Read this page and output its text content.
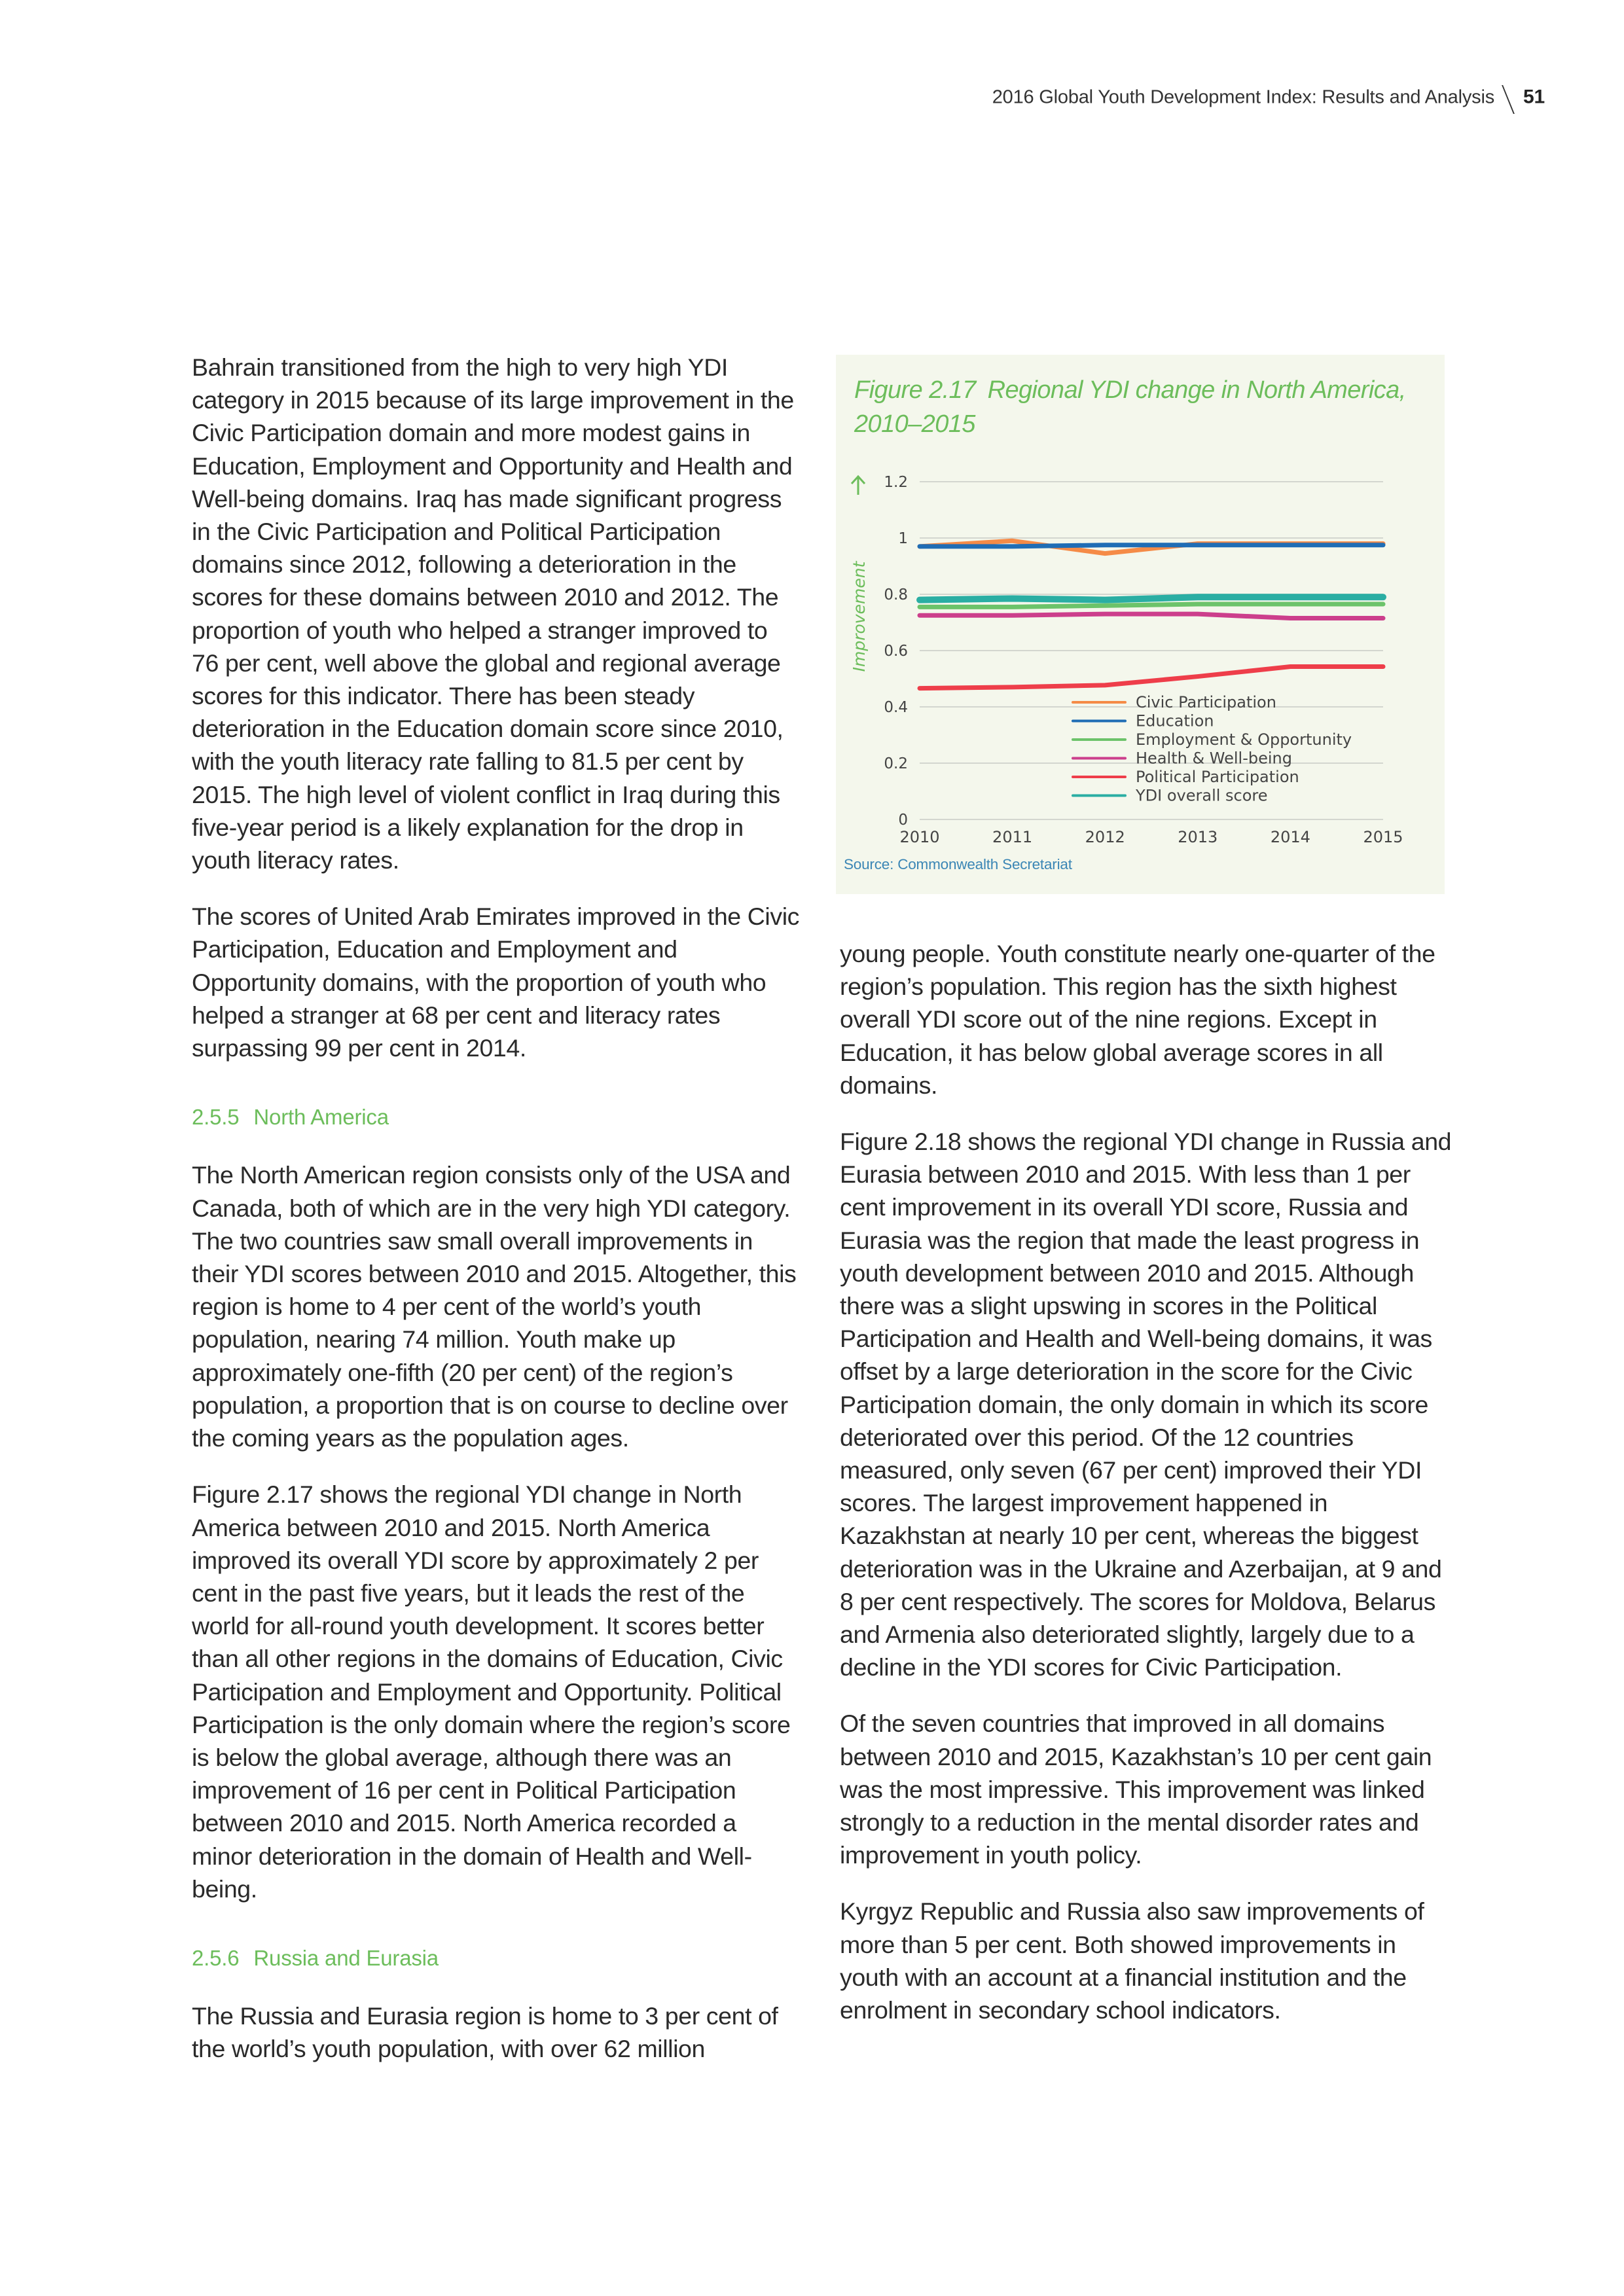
2016 Global Youth Development Index: Results and Analysis 51

Bahrain transitioned from the high to very high YDI category in 2015 because of its large improvement in the Civic Participation domain and more modest gains in Education, Employment and Opportunity and Health and Well-being domains. Iraq has made significant progress in the Civic Participation and Political Participation domains since 2012, following a deterioration in the scores for these domains between 2010 and 2012. The proportion of youth who helped a stranger improved to 76 per cent, well above the global and regional average scores for this indicator. There has been steady deterioration in the Education domain score since 2010, with the youth literacy rate falling to 81.5 per cent by 2015. The high level of violent conflict in Iraq during this five-year period is a likely explanation for the drop in youth literacy rates.

The scores of United Arab Emirates improved in the Civic Participation, Education and Employment and Opportunity domains, with the proportion of youth who helped a stranger at 68 per cent and literacy rates surpassing 99 per cent in 2014.

2.5.5 North America

The North American region consists only of the USA and Canada, both of which are in the very high YDI category. The two countries saw small overall improvements in their YDI scores between 2010 and 2015. Altogether, this region is home to 4 per cent of the world’s youth population, nearing 74 million. Youth make up approximately one-fifth (20 per cent) of the region’s population, a proportion that is on course to decline over the coming years as the population ages.

Figure 2.17 shows the regional YDI change in North America between 2010 and 2015. North America improved its overall YDI score by approximately 2 per cent in the past five years, but it leads the rest of the world for all-round youth development. It scores better than all other regions in the domains of Education, Civic Participation and Employment and Opportunity. Political Participation is the only domain where the region’s score is below the global average, although there was an improvement of 16 per cent in Political Participation between 2010 and 2015. North America recorded a minor deterioration in the domain of Health and Well-being.

2.5.6 Russia and Eurasia

The Russia and Eurasia region is home to 3 per cent of the world’s youth population, with over 62 million

Figure 2.17 Regional YDI change in North America, 2010–2015
0
0.2
0.4
0.6
0.8
1
1.2
2010	2011	2012	2013	2014	2015
Improvement
Civic Participation
Education
Employment & Opportunity
Health & Well-being
Political Participation
YDI overall score
Source: Commonwealth Secretariat

young people. Youth constitute nearly one-quarter of the region’s population. This region has the sixth highest overall YDI score out of the nine regions. Except in Education, it has below global average scores in all domains.

Figure 2.18 shows the regional YDI change in Russia and Eurasia between 2010 and 2015. With less than 1 per cent improvement in its overall YDI score, Russia and Eurasia was the region that made the least progress in youth development between 2010 and 2015. Although there was a slight upswing in scores in the Political Participation and Health and Well-being domains, it was offset by a large deterioration in the score for the Civic Participation domain, the only domain in which its score deteriorated over this period. Of the 12 countries measured, only seven (67 per cent) improved their YDI scores. The largest improvement happened in Kazakhstan at nearly 10 per cent, whereas the biggest deterioration was in the Ukraine and Azerbaijan, at 9 and 8 per cent respectively. The scores for Moldova, Belarus and Armenia also deteriorated slightly, largely due to a decline in the YDI scores for Civic Participation.

Of the seven countries that improved in all domains between 2010 and 2015, Kazakhstan’s 10 per cent gain was the most impressive. This improvement was linked strongly to a reduction in the mental disorder rates and improvement in youth policy.

Kyrgyz Republic and Russia also saw improvements of more than 5 per cent. Both showed improvements in youth with an account at a financial institution and the enrolment in secondary school indicators.
